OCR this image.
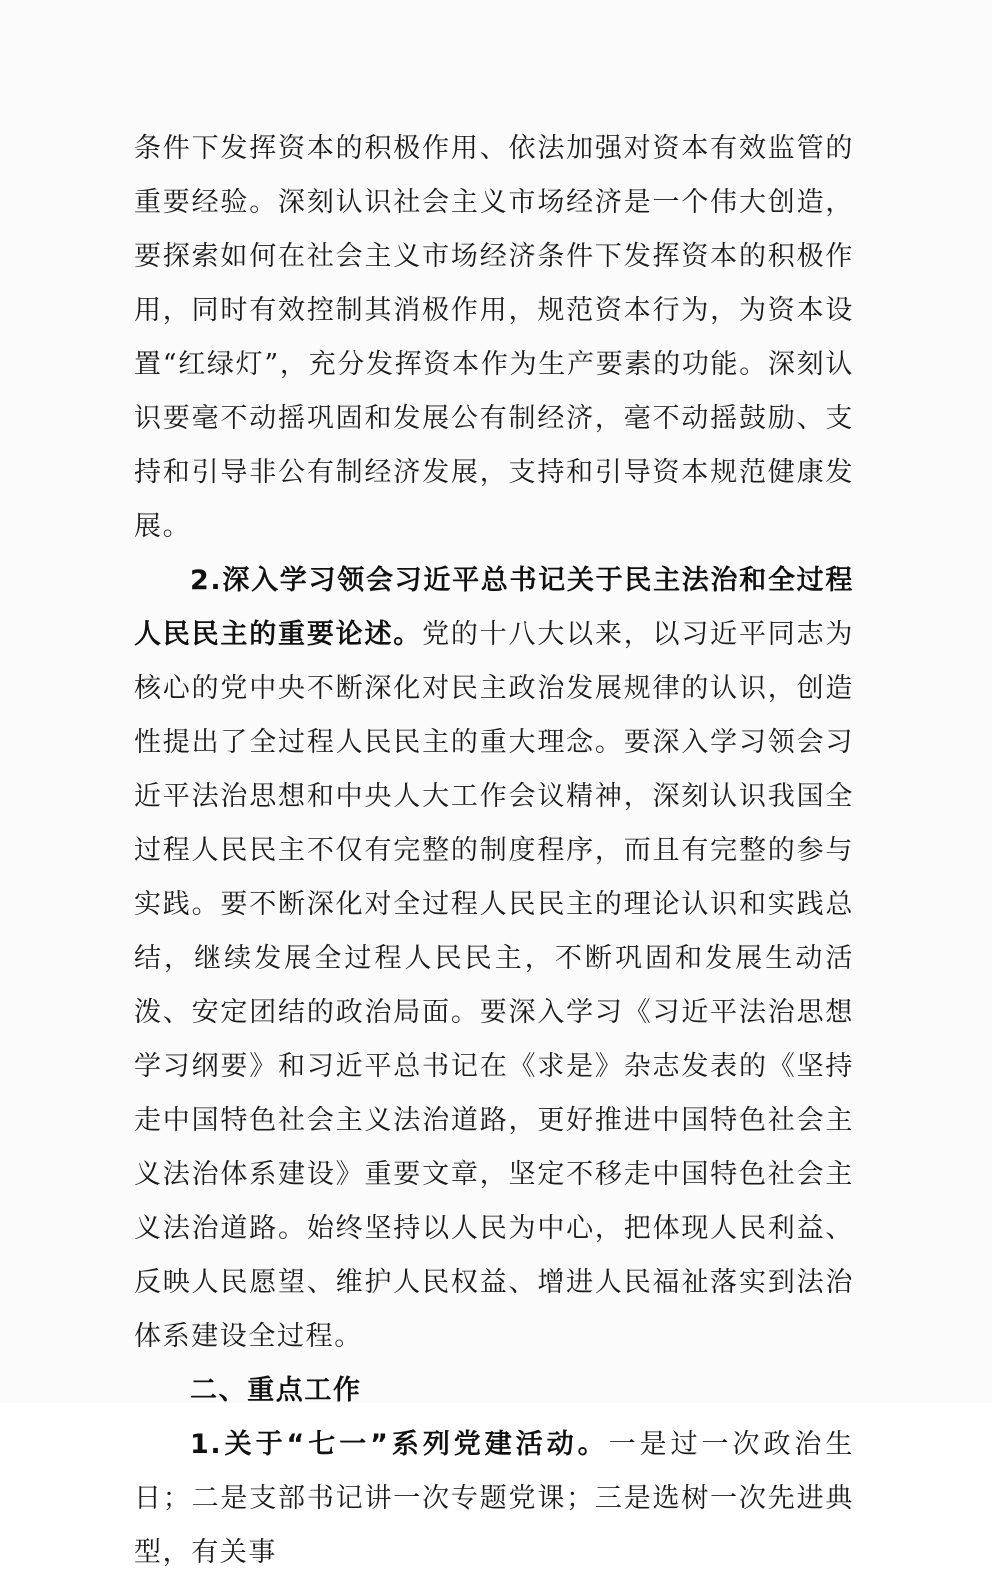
条件下发挥资本的积极作用、依法加强对资本有效监管的重要经验。深刻认识社会主义市场经济是一个伟大创造，要探索如何在社会主义市场经济条件下发挥资本的积极作用，同时有效控制其消极作用，规范资本行为，为资本设置“红绿灯”，充分发挥资本作为生产要素的功能。深刻认识要毫不动摇巩固和发展公有制经济，毫不动摇鼓励、支持和引导非公有制经济发展，支持和引导资本规范健康发展。

2.深入学习领会习近平总书记关于民主法治和全过程人民民主的重要论述。党的十八大以来，以习近平同志为核心的党中央不断深化对民主政治发展规律的认识，创造性提出了全过程人民民主的重大理念。要深入学习领会习近平法治思想和中央人大工作会议精神，深刻认识我国全过程人民民主不仅有完整的制度程序，而且有完整的参与实践。要不断深化对全过程人民民主的理论认识和实践总结，继续发展全过程人民民主，不断巩固和发展生动活泼、安定团结的政治局面。要深入学习《习近平法治思想学习纲要》和习近平总书记在《求是》杂志发表的《坚持走中国特色社会主义法治道路，更好推进中国特色社会主义法治体系建设》重要文章，坚定不移走中国特色社会主义法治道路。始终坚持以人民为中心，把体现人民利益、反映人民愿望、维护人民权益、增进人民福祉落实到法治体系建设全过程。

二、重点工作

1.关于“七一”系列党建活动。一是过一次政治生日；二是支部书记讲一次专题党课；三是选树一次先进典型，有关事
